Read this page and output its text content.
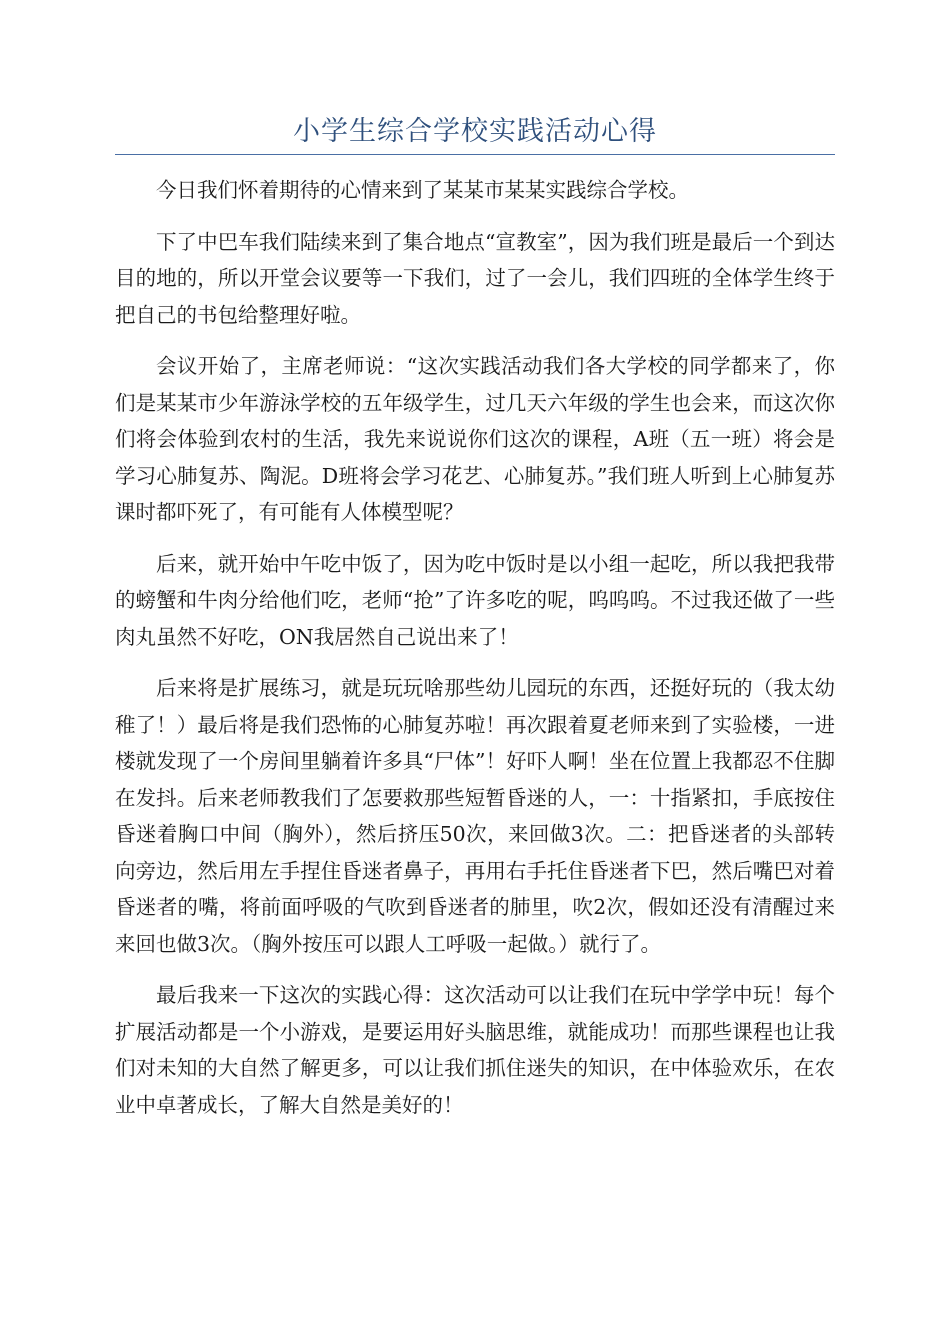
小学生综合学校实践活动心得

今日我们怀着期待的心情来到了某某市某某实践综合学校。

下了中巴车我们陆续来到了集合地点“宣教室”，因为我们班是最后一个到达目的地的，所以开堂会议要等一下我们，过了一会儿，我们四班的全体学生终于把自己的书包给整理好啦。

会议开始了，主席老师说：“这次实践活动我们各大学校的同学都来了，你们是某某市少年游泳学校的五年级学生，过几天六年级的学生也会来，而这次你们将会体验到农村的生活，我先来说说你们这次的课程，A班（五一班）将会是学习心肺复苏、陶泥。D班将会学习花艺、心肺复苏。”我们班人听到上心肺复苏课时都吓死了，有可能有人体模型呢？

后来，就开始中午吃中饭了，因为吃中饭时是以小组一起吃，所以我把我带的螃蟹和牛肉分给他们吃，老师“抢”了许多吃的呢，呜呜呜。不过我还做了一些肉丸虽然不好吃，ON我居然自己说出来了！

后来将是扩展练习，就是玩玩啥那些幼儿园玩的东西，还挺好玩的（我太幼稚了！）最后将是我们恐怖的心肺复苏啦！再次跟着夏老师来到了实验楼，一进楼就发现了一个房间里躺着许多具“尸体”！好吓人啊！坐在位置上我都忍不住脚在发抖。后来老师教我们了怎要救那些短暂昏迷的人，一：十指紧扣，手底按住昏迷着胸口中间（胸外），然后挤压50次，来回做3次。二：把昏迷者的头部转向旁边，然后用左手捏住昏迷者鼻子，再用右手托住昏迷者下巴，然后嘴巴对着昏迷者的嘴，将前面呼吸的气吹到昏迷者的肺里，吹2次，假如还没有清醒过来来回也做3次。（胸外按压可以跟人工呼吸一起做。）就行了。

最后我来一下这次的实践心得：这次活动可以让我们在玩中学学中玩！每个扩展活动都是一个小游戏，是要运用好头脑思维，就能成功！而那些课程也让我们对未知的大自然了解更多，可以让我们抓住迷失的知识，在中体验欢乐，在农业中卓著成长，了解大自然是美好的！
